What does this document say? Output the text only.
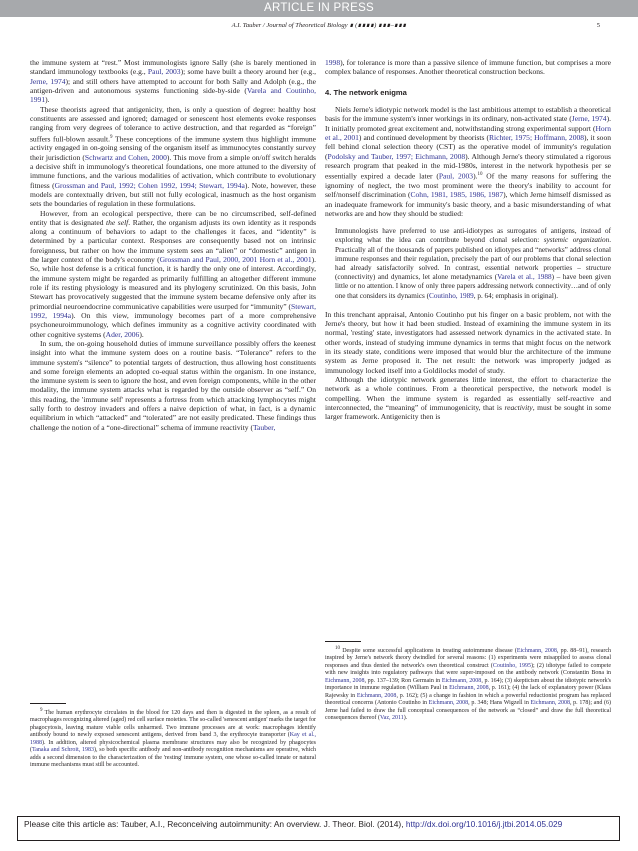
ARTICLE IN PRESS
A.I. Tauber / Journal of Theoretical Biology ∎ (∎∎∎∎) ∎∎∎–∎∎∎	5

the immune system at “rest.” Most immunologists ignore Sally (she is barely mentioned in standard immunology textbooks (e.g., Paul, 2003); some have built a theory around her (e.g., Jerne, 1974); and still others have attempted to account for both Sally and Adolph (e.g., the antigen-driven and autonomous systems functioning side-by-side (Varela and Coutinho, 1991).

These theorists agreed that antigenicity, then, is only a question of degree: healthy host constituents are assessed and ignored; damaged or senescent host elements evoke responses ranging from very degrees of tolerance to active destruction, and that regarded as “foreign” suffers full-blown assault.$^9$ These conceptions of the immune system thus highlight immune activity engaged in on-going sensing of the organism itself as immunocytes constantly survey their jurisdiction (Schwartz and Cohen, 2000). This move from a simple on/off switch heralds a decisive shift in immunology's theoretical foundations, one more attuned to the diversity of immune functions, and the various modalities of activation, which contribute to evolutionary fitness (Grossman and Paul, 1992; Cohen 1992, 1994; Stewart, 1994a). Note, however, these models are contextually driven, but still not fully ecological, inasmuch as the host organism sets the boundaries of regulation in these formulations.

However, from an ecological perspective, there can be no circumscribed, self-defined entity that is designated the self. Rather, the organism adjusts its own identity as it responds along a continuum of behaviors to adapt to the challenges it faces, and “identity” is determined by a particular context. Responses are consequently based not on intrinsic foreignness, but rather on how the immune system sees an “alien” or “domestic” antigen in the larger context of the body's economy (Grossman and Paul, 2000, 2001 Horn et al., 2001). So, while host defense is a critical function, it is hardly the only one of interest. Accordingly, the immune system might be regarded as primarily fulfilling an altogether different immune role if its resting physiology is measured and its phylogeny scrutinized. On this basis, John Stewart has provocatively suggested that the immune system became defensive only after its primordial neuroendocrine communicative capabilities were usurped for “immunity” (Stewart, 1992, 1994a). On this view, immunology becomes part of a more comprehensive psychoneuroimmunology, which defines immunity as a cognitive activity coordinated with other cognitive systems (Ader, 2006).

In sum, the on-going household duties of immune surveillance possibly offers the keenest insight into what the immune system does on a routine basis. “Tolerance” refers to the immune system's “silence” to potential targets of destruction, thus allowing host constituents and some foreign elements an adopted co-equal status within the organism. In one instance, the immune system is seen to ignore the host, and even foreign components, while in the other modality, the immune system attacks what is regarded by the outside observer as “self.” On this reading, the 'immune self' represents a fortress from which attacking lymphocytes might sally forth to destroy invaders and offers a naive depiction of what, in fact, is a dynamic equilibrium in which “attacked” and “tolerated” are not easily predicated. These findings thus challenge the notion of a “one-directional” schema of immune reactivity (Tauber,

$^9$ The human erythrocyte circulates in the blood for 120 days and then is digested in the spleen, as a result of macrophages recognizing altered (aged) red cell surface moieties. The so-called 'senescent antigen' marks the target for phagocytosis, leaving mature viable cells unharmed. Two immune processes are at work: macrophages identify antibody bound to newly exposed senescent antigens, derived from band 3, the erythrocyte transporter (Kay et al., 1988). In addition, altered physicochemical plasma membrane structures may also be recognized by phagocytes (Tanaka and Schroit, 1983), so both specific antibody and non-antibody recognition mechanisms are operative, which adds a second dimension to the characterization of the 'resting' immune system, one whose so-called innate or natural immune mechanisms must still be accounted.

1998), for tolerance is more than a passive silence of immune function, but comprises a more complex balance of responses. Another theoretical construction beckons.

4. The network enigma

Niels Jerne's idiotypic network model is the last ambitious attempt to establish a theoretical basis for the immune system's inner workings in its ordinary, non-activated state (Jerne, 1974). It initially promoted great excitement and, notwithstanding strong experimental support (Horn et al., 2001) and continued development by theorists (Richter, 1975; Hoffmann, 2008), it soon fell behind clonal selection theory (CST) as the operative model of immunity's regulation (Podolsky and Tauber, 1997; Eichmann, 2008). Although Jerne's theory stimulated a rigorous research program that peaked in the mid-1980s, interest in the network hypothesis per se essentially expired a decade later (Paul, 2003).$^{10}$ Of the many reasons for suffering the ignominy of neglect, the two most prominent were the theory's inability to account for self/nonself discrimination (Cohn, 1981, 1985, 1986, 1987), which Jerne himself dismissed as an inadequate framework for immunity's basic theory, and a basic misunderstanding of what networks are and how they should be studied:

Immunologists have preferred to use anti-idiotypes as surrogates of antigens, instead of exploring what the idea can contribute beyond clonal selection: systemic organization. Practically all of the thousands of papers published on idiotypes and “networks” address clonal immune responses and their regulation, precisely the part of our problems that clonal selection had already satisfactorily solved. In contrast, essential network properties – structure (connectivity) and dynamics, let alone metadynamics (Varela et al., 1988) – have been given little or no attention. I know of only three papers addressing network connectivity…and of only one that considers its dynamics (Coutinho, 1989, p. 64; emphasis in original).

In this trenchant appraisal, Antonio Coutinho put his finger on a basic problem, not with the Jerne's theory, but how it had been studied. Instead of examining the immune system in its normal, 'resting' state, investigators had assessed network dynamics in the activated state. In other words, instead of studying immune dynamics in terms that might focus on the network in its steady state, conditions were imposed that would blur the architecture of the immune system as Jerne proposed it. The net result: the network was improperly judged as immunology locked itself into a Goldilocks model of study.

Although the idiotypic network generates little interest, the effort to characterize the network as a whole continues. From a theoretical perspective, the network model is compelling. When the immune system is regarded as essentially self-reactive and interconnected, the “meaning” of immunogenicity, that is reactivity, must be sought in some larger framework. Antigenicity then is

$^{10}$ Despite some successful applications in treating autoimmune disease (Eichmann, 2008, pp. 88–91), research inspired by Jerne's network theory dwindled for several reasons: (1) experiments were misapplied to assess clonal responses and thus denied the network's own theoretical construct (Coutinho, 1995); (2) idiotype failed to compete with new insights into regulatory pathways that were super-imposed on the antibody network (Constantin Bona in Eichmann, 2008, pp. 137–139; Ron Germain in Eichmann, 2008, p. 164); (3) skepticism about the idiotypic network's importance in immune regulation (William Paul in Eichmann, 2008, p. 161); (4) the lack of explanatory power (Klaus Rajewsky in Eichmann, 2008, p. 162); (5) a change in fashion in which a powerful reductionist program has replaced theoretical concerns (Antonio Coutinho in Eichmann, 2008, p. 348; Hans Wigzell in Eichmann, 2008, p. 178); and (6) Jerne had failed to draw the full conceptual consequences of the network as “closed” and draw the full theoretical consequences thereof (Vaz, 2011).

Please cite this article as: Tauber, A.I., Reconceiving autoimmunity: An overview. J. Theor. Biol. (2014), http://dx.doi.org/10.1016/j.jtbi.2014.05.029
